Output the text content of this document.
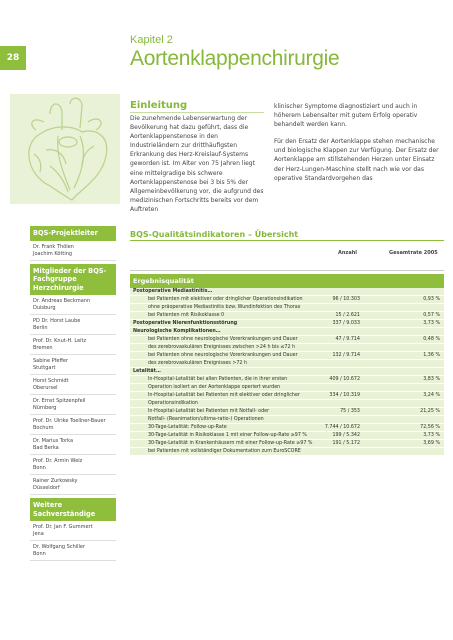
28
Kapitel 2
Aortenklappenchirurgie
Einleitung

Die zunehmende Lebenserwartung der Bevölkerung hat dazu geführt, dass die Aortenklappenstenose in den Industrieländern zur dritthäufigsten Erkrankung des Herz-Kreislauf-Systems geworden ist. Im Alter von 75 Jahren liegt eine mittelgradige bis schwere Aortenklappenstenose bei 3 bis 5% der Allgemeinbevölkerung vor, die aufgrund des medizinischen Fortschritts bereits vor dem Auftreten

klinischer Symptome diagnostiziert und auch in höherem Lebensalter mit gutem Erfolg operativ behandelt werden kann.

Für den Ersatz der Aortenklappe stehen mechanische und biologische Klappen zur Verfügung. Der Ersatz der Aortenklappe am stillstehenden Herzen unter Einsatz der Herz-Lungen-Maschine stellt nach wie vor das operative Standardvorgehen das

BQS-Projektleiter
Dr. Frank Thölen
Joachim Kötting
Mitglieder der BQS-Fachgruppe Herzchirurgie
Dr. Andreas Beckmann
Duisburg
PD Dr. Horst Laube
Berlin
Prof. Dr. Knut-H. Leitz
Bremen
Sabine Pfeffer
Stuttgart
Horst Schmidt
Oberursel
Dr. Ernst Spitzenpfeil
Nürnberg
Prof. Dr. Ulrike Toellner-Bauer
Bochum
Dr. Marius Torka
Bad Berka
Prof. Dr. Armin Welz
Bonn
Rainer Zurkowsky
Düsseldorf
Weitere Sachverständige
Prof. Dr. Jan F. Gummert
Jena
Dr. Wolfgang Schiller
Bonn
BQS-Qualitätsindikatoren – Übersicht
Anzahl	Gesamtrate 2005
Ergebnisqualität
Postoperative Mediastinitis…
bei Patienten mit elektiver oder dringlicher Operationsindikation	96 / 10.303	0,93 %
ohne präoperative Mediastinitis bzw. Wundinfektion des Thorax
bei Patienten mit Risikoklasse 0	15 / 2.621	0,57 %
Postoperative Nierenfunktionsstörung	337 / 9.033	3,73 %
Neurologische Komplikationen…
bei Patienten ohne neurologische Vorerkrankungen und Dauer	47 / 9.714	0,48 %
des zerebrovaskulären Ereignisses zwischen >24 h bis ≤72 h
bei Patienten ohne neurologische Vorerkrankungen und Dauer	132 / 9.714	1,36 %
des zerebrovaskulären Ereignisses >72 h
Letalität…
In-Hospital-Letalität bei allen Patienten, die in ihrer ersten	409 / 10.672	3,83 %
Operation isoliert an der Aortenklappe operiert wurden
In-Hospital-Letalität bei Patienten mit elektiver oder dringlicher	334 / 10.319	3,24 %
Operationsindikation
In-Hospital-Letalität bei Patienten mit Notfall- oder	75 / 353	21,25 %
Notfall- (Reanimation/ultima-ratio-) Operationen
30-Tage-Letalität: Follow-up-Rate	7.744 / 10.672	72,56 %
30-Tage-Letalität in Risikoklasse 1 mit einer Follow-up-Rate ≥97 %	199 / 5.342	3,73 %
30-Tage-Letalität in Krankenhäusern mit einer Follow-up-Rate ≥97 %	191 / 5.172	3,69 %
bei Patienten mit vollständiger Dokumentation zum EuroSCORE
